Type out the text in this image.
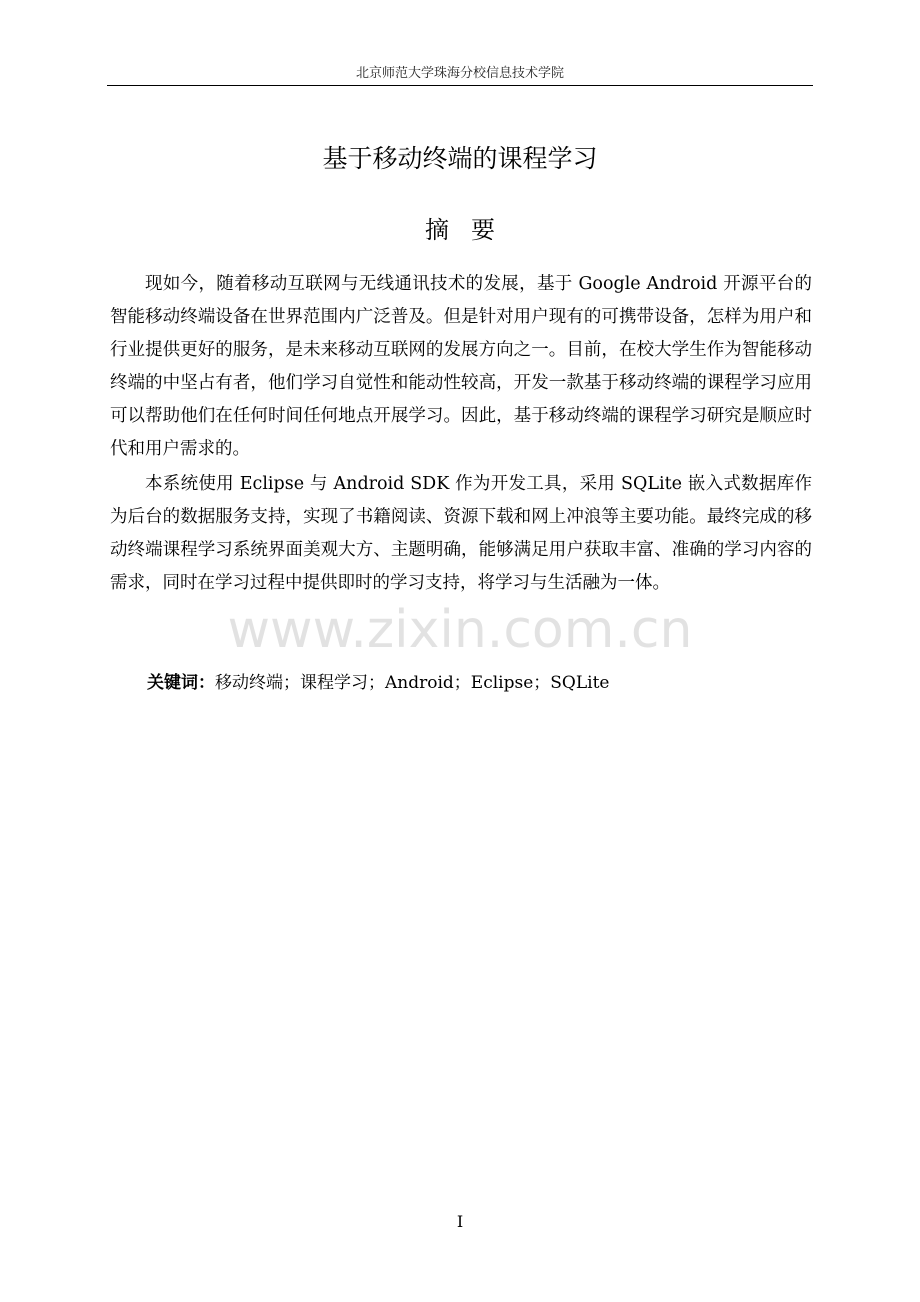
北京师范大学珠海分校信息技术学院
基于移动终端的课程学习
摘要

现如今，随着移动互联网与无线通讯技术的发展，基于 Google Android 开源平台的智能移动终端设备在世界范围内广泛普及。但是针对用户现有的可携带设备，怎样为用户和行业提供更好的服务，是未来移动互联网的发展方向之一。目前，在校大学生作为智能移动终端的中坚占有者，他们学习自觉性和能动性较高，开发一款基于移动终端的课程学习应用可以帮助他们在任何时间任何地点开展学习。因此，基于移动终端的课程学习研究是顺应时代和用户需求的。

本系统使用 Eclipse 与 Android SDK 作为开发工具，采用 SQLite 嵌入式数据库作为后台的数据服务支持，实现了书籍阅读、资源下载和网上冲浪等主要功能。最终完成的移动终端课程学习系统界面美观大方、主题明确，能够满足用户获取丰富、准确的学习内容的需求，同时在学习过程中提供即时的学习支持，将学习与生活融为一体。

www.zixin.com.cn
关键词：移动终端；课程学习；Android；Eclipse；SQLite
I
